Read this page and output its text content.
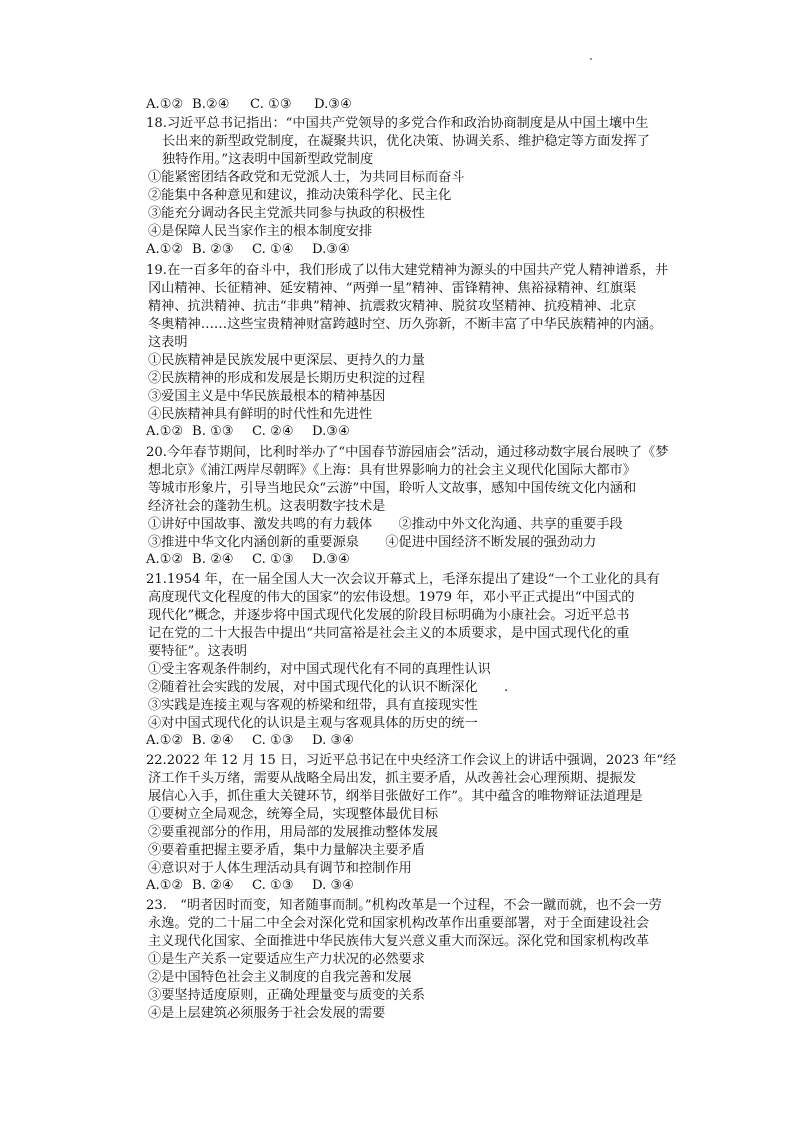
A.①② B.②④ C. ①③ D.③④
18.习近平总书记指出：“中国共产党领导的多党合作和政治协商制度是从中国土壤中生
长出来的新型政党制度，在凝聚共识，优化决策、协调关系、维护稳定等方面发挥了
独特作用。”这表明中国新型政党制度
①能紧密团结各政党和无党派人士，为共同目标而奋斗
②能集中各种意见和建议，推动决策科学化、民主化
③能充分调动各民主党派共同参与执政的积极性
④是保障人民当家作主的根本制度安排
A.①② B. ②③ C. ①④ D.③④
19.在一百多年的奋斗中，我们形成了以伟大建党精神为源头的中国共产党人精神谱系，井
冈山精神、长征精神、延安精神、“两弹一星”精神、雷锋精神、焦裕禄精神、红旗渠
精神、抗洪精神、抗击“非典”精神、抗震救灾精神、脱贫攻坚精神、抗疫精神、北京
冬奥精神……这些宝贵精神财富跨越时空、历久弥新，不断丰富了中华民族精神的内涵。
这表明
①民族精神是民族发展中更深层、更持久的力量
②民族精神的形成和发展是长期历史积淀的过程
③爱国主义是中华民族最根本的精神基因
④民族精神具有鲜明的时代性和先进性
A.①② B. ①③ C. ②④ D.③④
20.今年春节期间，比利时举办了“中国春节游园庙会”活动，通过移动数字展台展映了《梦
想北京》《浦江两岸尽朝晖》《上海：具有世界影响力的社会主义现代化国际大都市》
等城市形象片，引导当地民众“云游”中国，聆听人文故事，感知中国传统文化内涵和
经济社会的蓬勃生机。这表明数字技术是
①讲好中国故事、激发共鸣的有力载体　　②推动中外文化沟通、共享的重要手段
③推进中华文化内涵创新的重要源泉　　④促进中国经济不断发展的强劲动力
A.①② B. ②④ C. ①③ D.③④
21.1954 年，在一届全国人大一次会议开幕式上，毛泽东提出了建设“一个工业化的具有
高度现代文化程度的伟大的国家”的宏伟设想。1979 年，邓小平正式提出“中国式的
现代化”概念，并逐步将中国式现代化发展的阶段目标明确为小康社会。习近平总书
记在党的二十大报告中提出“共同富裕是社会主义的本质要求，是中国式现代化的重
要特征”。这表明
①受主客观条件制约，对中国式现代化有不同的真理性认识
②随着社会实践的发展，对中国式现代化的认识不断深化　　.
③实践是连接主观与客观的桥梁和纽带，具有直接现实性
④对中国式现代化的认识是主观与客观具体的历史的统一
A.①② B. ②④ C. ①③ D. ③④
22.2022 年 12 月 15 日，习近平总书记在中央经济工作会议上的讲话中强调，2023 年“经
济工作千头万绪，需要从战略全局出发，抓主要矛盾，从改善社会心理预期、提振发
展信心入手，抓住重大关键环节，纲举目张做好工作”。其中蕴含的唯物辩证法道理是
①要树立全局观念，统筹全局，实现整体最优目标
②要重视部分的作用，用局部的发展推动整体发展
⑨要着重把握主要矛盾，集中力量解决主要矛盾
④意识对于人体生理活动具有调节和控制作用
A.①② B. ②④ C. ①③ D. ③④
23.　“明者因时而变，知者随事而制。”机构改革是一个过程，不会一蹴而就，也不会一劳
永逸。党的二十届二中全会对深化党和国家机构改革作出重要部署，对于全面建设社会
主义现代化国家、全面推进中华民族伟大复兴意义重大而深远。深化党和国家机构改革
①是生产关系一定要适应生产力状况的必然要求
②是中国特色社会主义制度的自我完善和发展
③要坚持适度原则，正确处理量变与质变的关系
④是上层建筑必须服务于社会发展的需要
